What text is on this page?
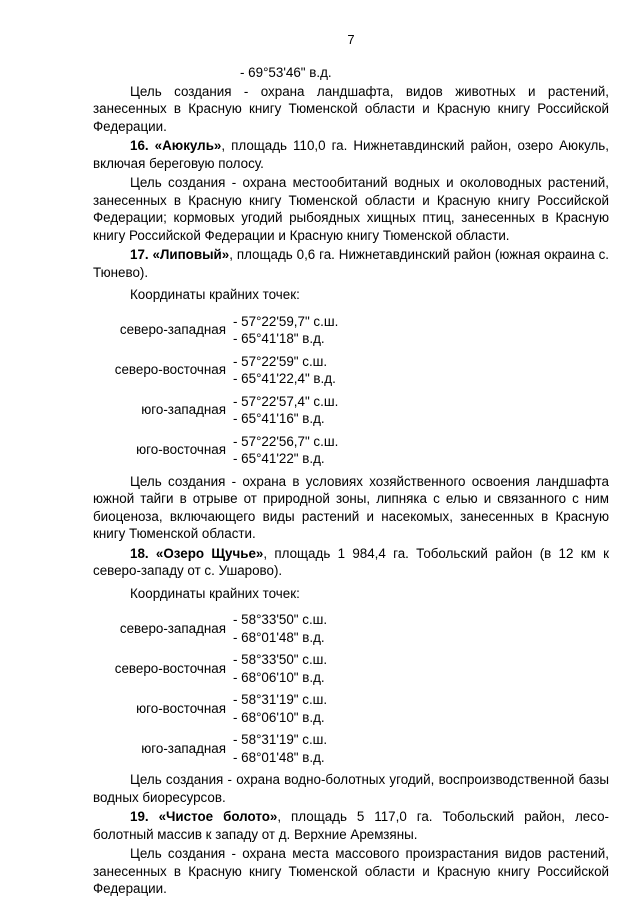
7
- 69°53'46" в.д.

Цель создания - охрана ландшафта, видов животных и растений, занесенных в Красную книгу Тюменской области и Красную книгу Российской Федерации.

16. «Аюкуль», площадь 110,0 га. Нижнетавдинский район, озеро Аюкуль, включая береговую полосу.

Цель создания - охрана местообитаний водных и околоводных растений, занесенных в Красную книгу Тюменской области и Красную книгу Российской Федерации; кормовых угодий рыбоядных хищных птиц, занесенных в Красную книгу Российской Федерации и Красную книгу Тюменской области.

17. «Липовый», площадь 0,6 га. Нижнетавдинский район (южная окраина с. Тюнево).

Координаты крайних точек:

северо-западная
- 57°22'59,7" с.ш.
- 65°41'18" в.д.
северо-восточная
- 57°22'59" с.ш.
- 65°41'22,4" в.д.
юго-западная
- 57°22'57,4" с.ш.
- 65°41'16" в.д.
юго-восточная
- 57°22'56,7" с.ш.
- 65°41'22" в.д.

Цель создания - охрана в условиях хозяйственного освоения ландшафта южной тайги в отрыве от природной зоны, липняка с елью и связанного с ним биоценоза, включающего виды растений и насекомых, занесенных в Красную книгу Тюменской области.

18. «Озеро Щучье», площадь 1 984,4 га. Тобольский район (в 12 км к северо-западу от с. Ушарово).

Координаты крайних точек:

северо-западная
- 58°33'50" с.ш.
- 68°01'48" в.д.
северо-восточная
- 58°33'50" с.ш.
- 68°06'10" в.д.
юго-восточная
- 58°31'19" с.ш.
- 68°06'10" в.д.
юго-западная
- 58°31'19" с.ш.
- 68°01'48" в.д.

Цель создания - охрана водно-болотных угодий, воспроизводственной базы водных биоресурсов.

19. «Чистое болото», площадь 5 117,0 га. Тобольский район, лесо-болотный массив к западу от д. Верхние Аремзяны.

Цель создания - охрана места массового произрастания видов растений, занесенных в Красную книгу Тюменской области и Красную книгу Российской Федерации.
